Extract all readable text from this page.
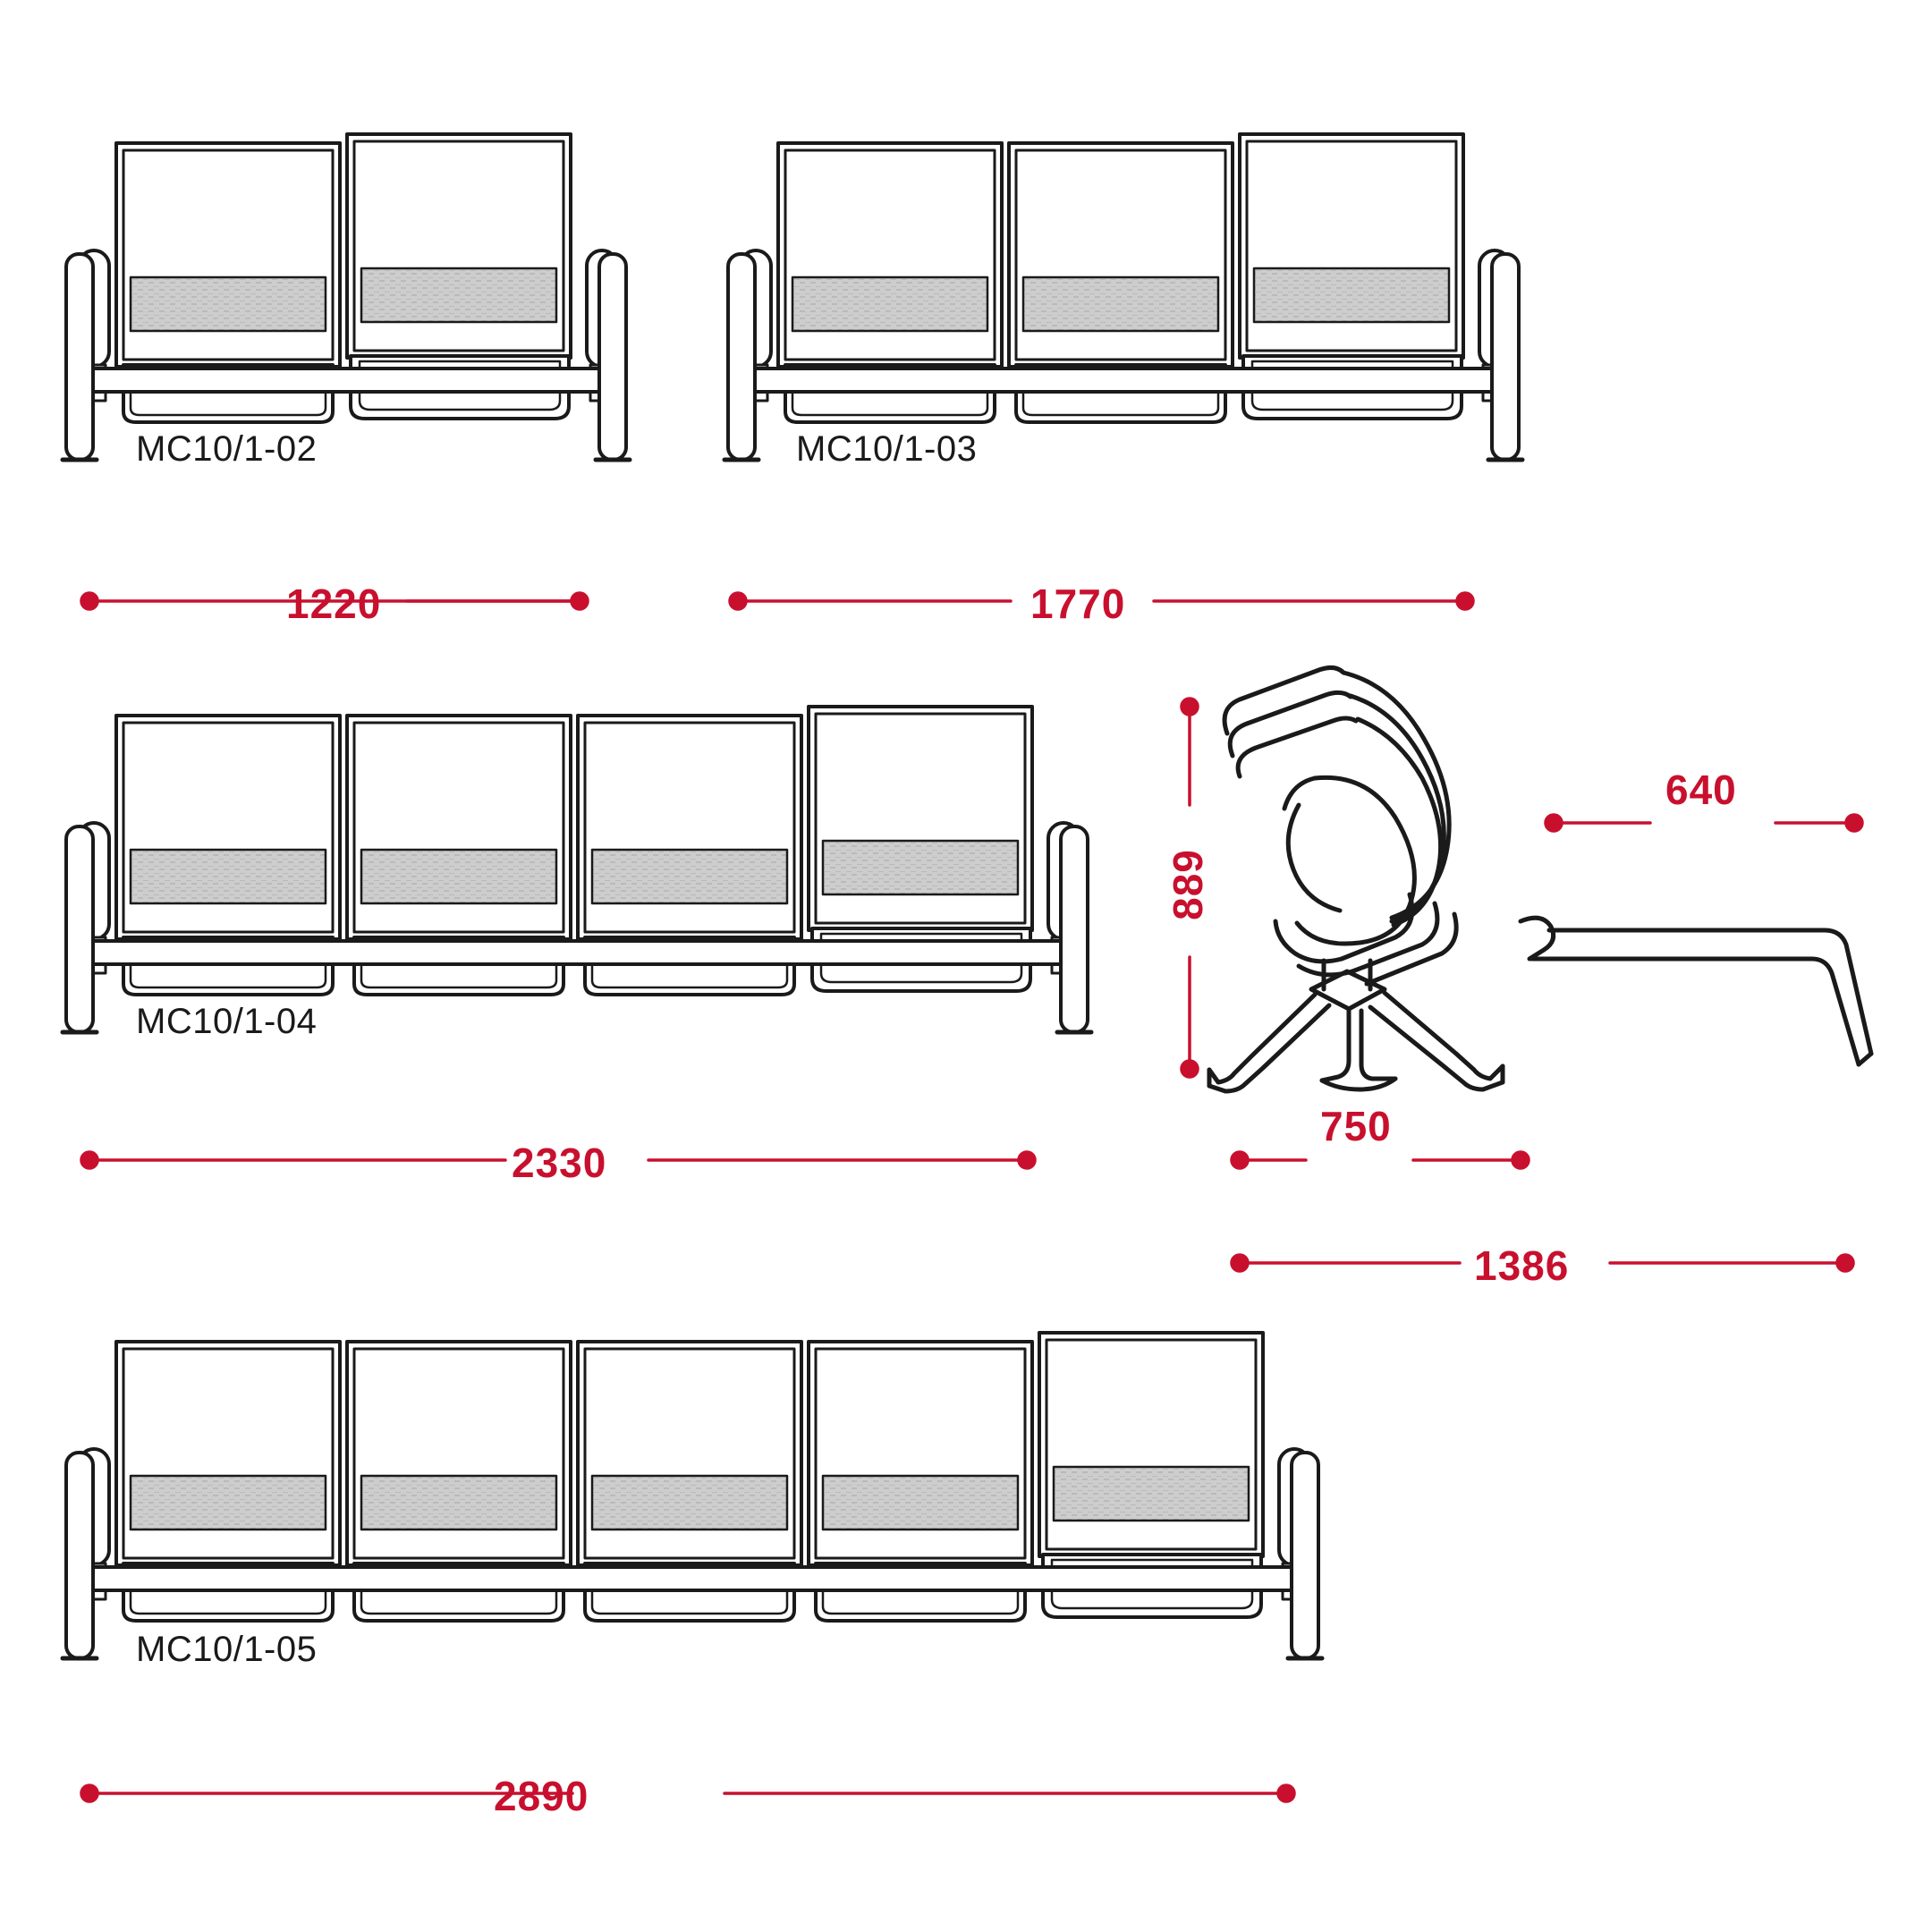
MC10/1-02	MC10/1-03
MC10/1-04
MC10/1-05
1220	1770
2330
2890
889
640
750
1386
